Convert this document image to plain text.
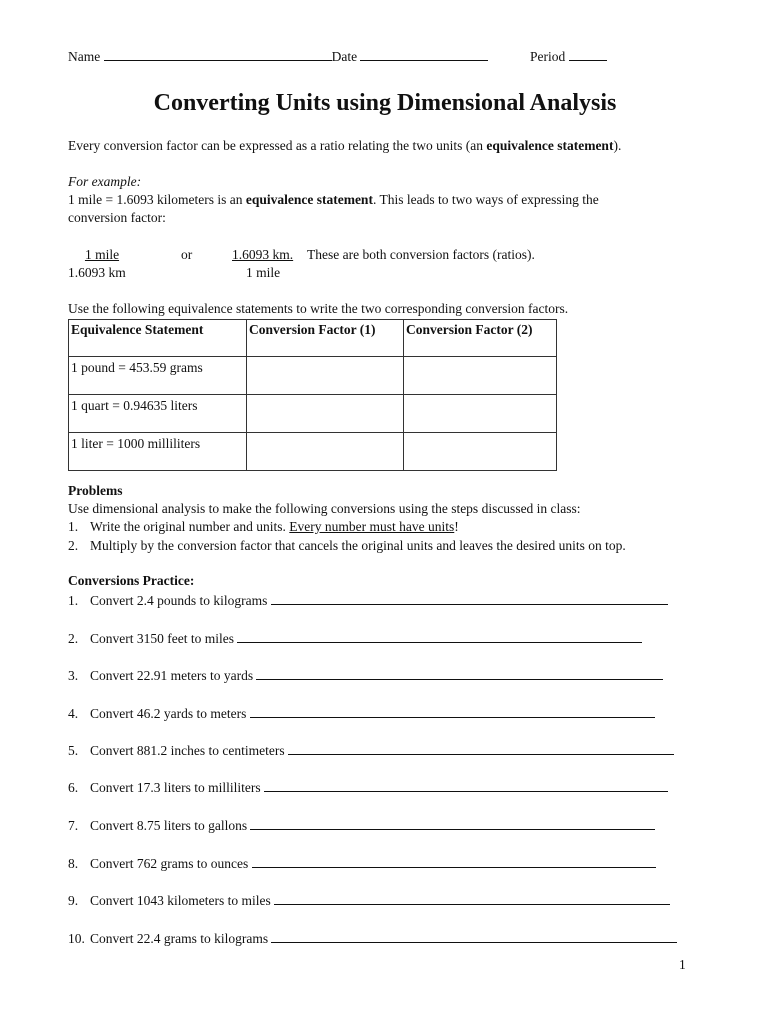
Name	Date	Period
Converting Units using Dimensional Analysis
Every conversion factor can be expressed as a ratio relating the two units (an equivalence statement).
For example:
1 mile = 1.6093 kilometers is an equivalence statement. This leads to two ways of expressing the
conversion factor:
1 mile
1.6093 km
or	1.6093 km. These are both conversion factors (ratios).
1 mile
Use the following equivalence statements to write the two corresponding conversion factors.
Equivalence Statement	Conversion Factor (1)	Conversion Factor (2)
1 pound = 453.59 grams		
1 quart = 0.94635 liters		
1 liter = 1000 milliliters		
Problems
Use dimensional analysis to make the following conversions using the steps discussed in class:
1. Write the original number and units. Every number must have units!
2. Multiply by the conversion factor that cancels the original units and leaves the desired units on top.
Conversions Practice:
1. Convert 2.4 pounds to kilograms
2. Convert 3150 feet to miles
3. Convert 22.91 meters to yards
4. Convert 46.2 yards to meters
5. Convert 881.2 inches to centimeters
6. Convert 17.3 liters to milliliters
7. Convert 8.75 liters to gallons
8. Convert 762 grams to ounces
9. Convert 1043 kilometers to miles
10. Convert 22.4 grams to kilograms
1
